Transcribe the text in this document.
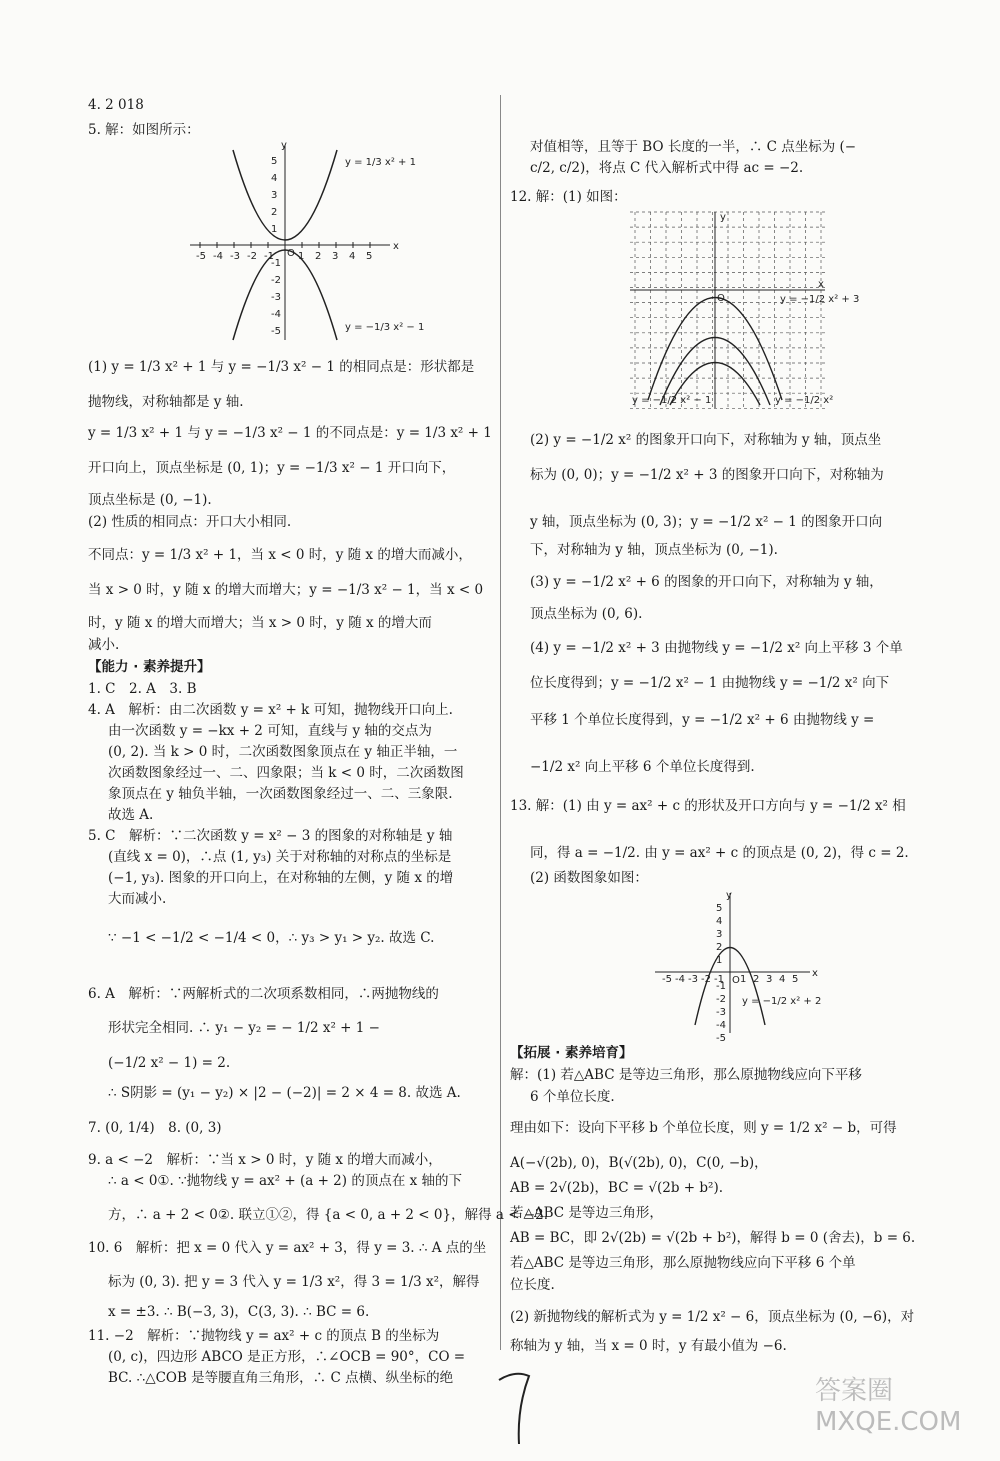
4. 2 018
5. 解：如图所示：
(1) y = 1/3 x² + 1 与 y = −1/3 x² − 1 的相同点是：形状都是
抛物线，对称轴都是 y 轴.
y = 1/3 x² + 1 与 y = −1/3 x² − 1 的不同点是：y = 1/3 x² + 1
开口向上，顶点坐标是 (0, 1)；y = −1/3 x² − 1 开口向下，
顶点坐标是 (0, −1).
(2) 性质的相同点：开口大小相同.
不同点：y = 1/3 x² + 1，当 x < 0 时，y 随 x 的增大而减小，
当 x > 0 时，y 随 x 的增大而增大；y = −1/3 x² − 1，当 x < 0
时，y 随 x 的增大而增大；当 x > 0 时，y 随 x 的增大而
减小.
【能力 · 素养提升】
1. C　2. A　3. B
4. A　解析：由二次函数 y = x² + k 可知，抛物线开口向上.
由一次函数 y = −kx + 2 可知，直线与 y 轴的交点为
(0, 2). 当 k > 0 时，二次函数图象顶点在 y 轴正半轴，一
次函数图象经过一、二、四象限；当 k < 0 时，二次函数图
象顶点在 y 轴负半轴，一次函数图象经过一、二、三象限.
故选 A.
5. C　解析：∵二次函数 y = x² − 3 的图象的对称轴是 y 轴
(直线 x = 0)，∴点 (1, y₃) 关于对称轴的对称点的坐标是
(−1, y₃). 图象的开口向上，在对称轴的左侧，y 随 x 的增
大而减小.
∵ −1 < −1/2 < −1/4 < 0，∴ y₃ > y₁ > y₂. 故选 C.
6. A　解析：∵两解析式的二次项系数相同，∴两抛物线的
形状完全相同. ∴ y₁ − y₂ = − 1/2 x² + 1 −
(−1/2 x² − 1) = 2.
∴ S阴影 = (y₁ − y₂) × |2 − (−2)| = 2 × 4 = 8. 故选 A.
7. (0, 1/4)　8. (0, 3)
9. a < −2　解析：∵当 x > 0 时，y 随 x 的增大而减小，
∴ a < 0①. ∵抛物线 y = ax² + (a + 2) 的顶点在 x 轴的下
方，∴ a + 2 < 0②. 联立①②，得 {a < 0, a + 2 < 0}，解得 a < −2.
10. 6　解析：把 x = 0 代入 y = ax² + 3，得 y = 3. ∴ A 点的坐
标为 (0, 3). 把 y = 3 代入 y = 1/3 x²，得 3 = 1/3 x²，解得
x = ±3. ∴ B(−3, 3)，C(3, 3). ∴ BC = 6.
11. −2　解析：∵抛物线 y = ax² + c 的顶点 B 的坐标为
(0, c)，四边形 ABCO 是正方形，∴∠OCB = 90°，CO =
BC. ∴△COB 是等腰直角三角形，∴ C 点横、纵坐标的绝
对值相等，且等于 BO 长度的一半，∴ C 点坐标为 (−
c/2, c/2)，将点 C 代入解析式中得 ac = −2.
12. 解：(1) 如图：
(2) y = −1/2 x² 的图象开口向下，对称轴为 y 轴，顶点坐
标为 (0, 0)；y = −1/2 x² + 3 的图象开口向下，对称轴为
y 轴，顶点坐标为 (0, 3)；y = −1/2 x² − 1 的图象开口向
下，对称轴为 y 轴，顶点坐标为 (0, −1).
(3) y = −1/2 x² + 6 的图象的开口向下，对称轴为 y 轴，
顶点坐标为 (0, 6).
(4) y = −1/2 x² + 3 由抛物线 y = −1/2 x² 向上平移 3 个单
位长度得到；y = −1/2 x² − 1 由抛物线 y = −1/2 x² 向下
平移 1 个单位长度得到，y = −1/2 x² + 6 由抛物线 y =
−1/2 x² 向上平移 6 个单位长度得到.
13. 解：(1) 由 y = ax² + c 的形状及开口方向与 y = −1/2 x² 相
同，得 a = −1/2. 由 y = ax² + c 的顶点是 (0, 2)，得 c = 2.
(2) 函数图象如图：
【拓展 · 素养培育】
解：(1) 若△ABC 是等边三角形，那么原抛物线应向下平移
6 个单位长度.
理由如下：设向下平移 b 个单位长度，则 y = 1/2 x² − b，可得
A(−√(2b), 0)，B(√(2b), 0)，C(0, −b)，
AB = 2√(2b)，BC = √(2b + b²).
若△ABC 是等边三角形，
AB = BC，即 2√(2b) = √(2b + b²)，解得 b = 0 (舍去)，b = 6.
若△ABC 是等边三角形，那么原抛物线应向下平移 6 个单
位长度.
(2) 新抛物线的解析式为 y = 1/2 x² − 6，顶点坐标为 (0, −6)，对
称轴为 y 轴，当 x = 0 时，y 有最小值为 −6.
-5
-5
-4
-4
-3
-3
-2
-2
-1
-1
1
1
2
2
3
3
4
4
5
5
x
y
O
y = 1/3 x² + 1
y = −1/3 x² − 1
y
x
O	y = −1/2 x² + 3
y = −1/2 x² − 1	y = −1/2 x²
-5
-5
-4
-4
-3
-3
-2
-2
-1
-1
1
1
2
2
3
3
4
4
5
5
x
y
O
y = −1/2 x² + 2
答案圈 MXQE.COM
